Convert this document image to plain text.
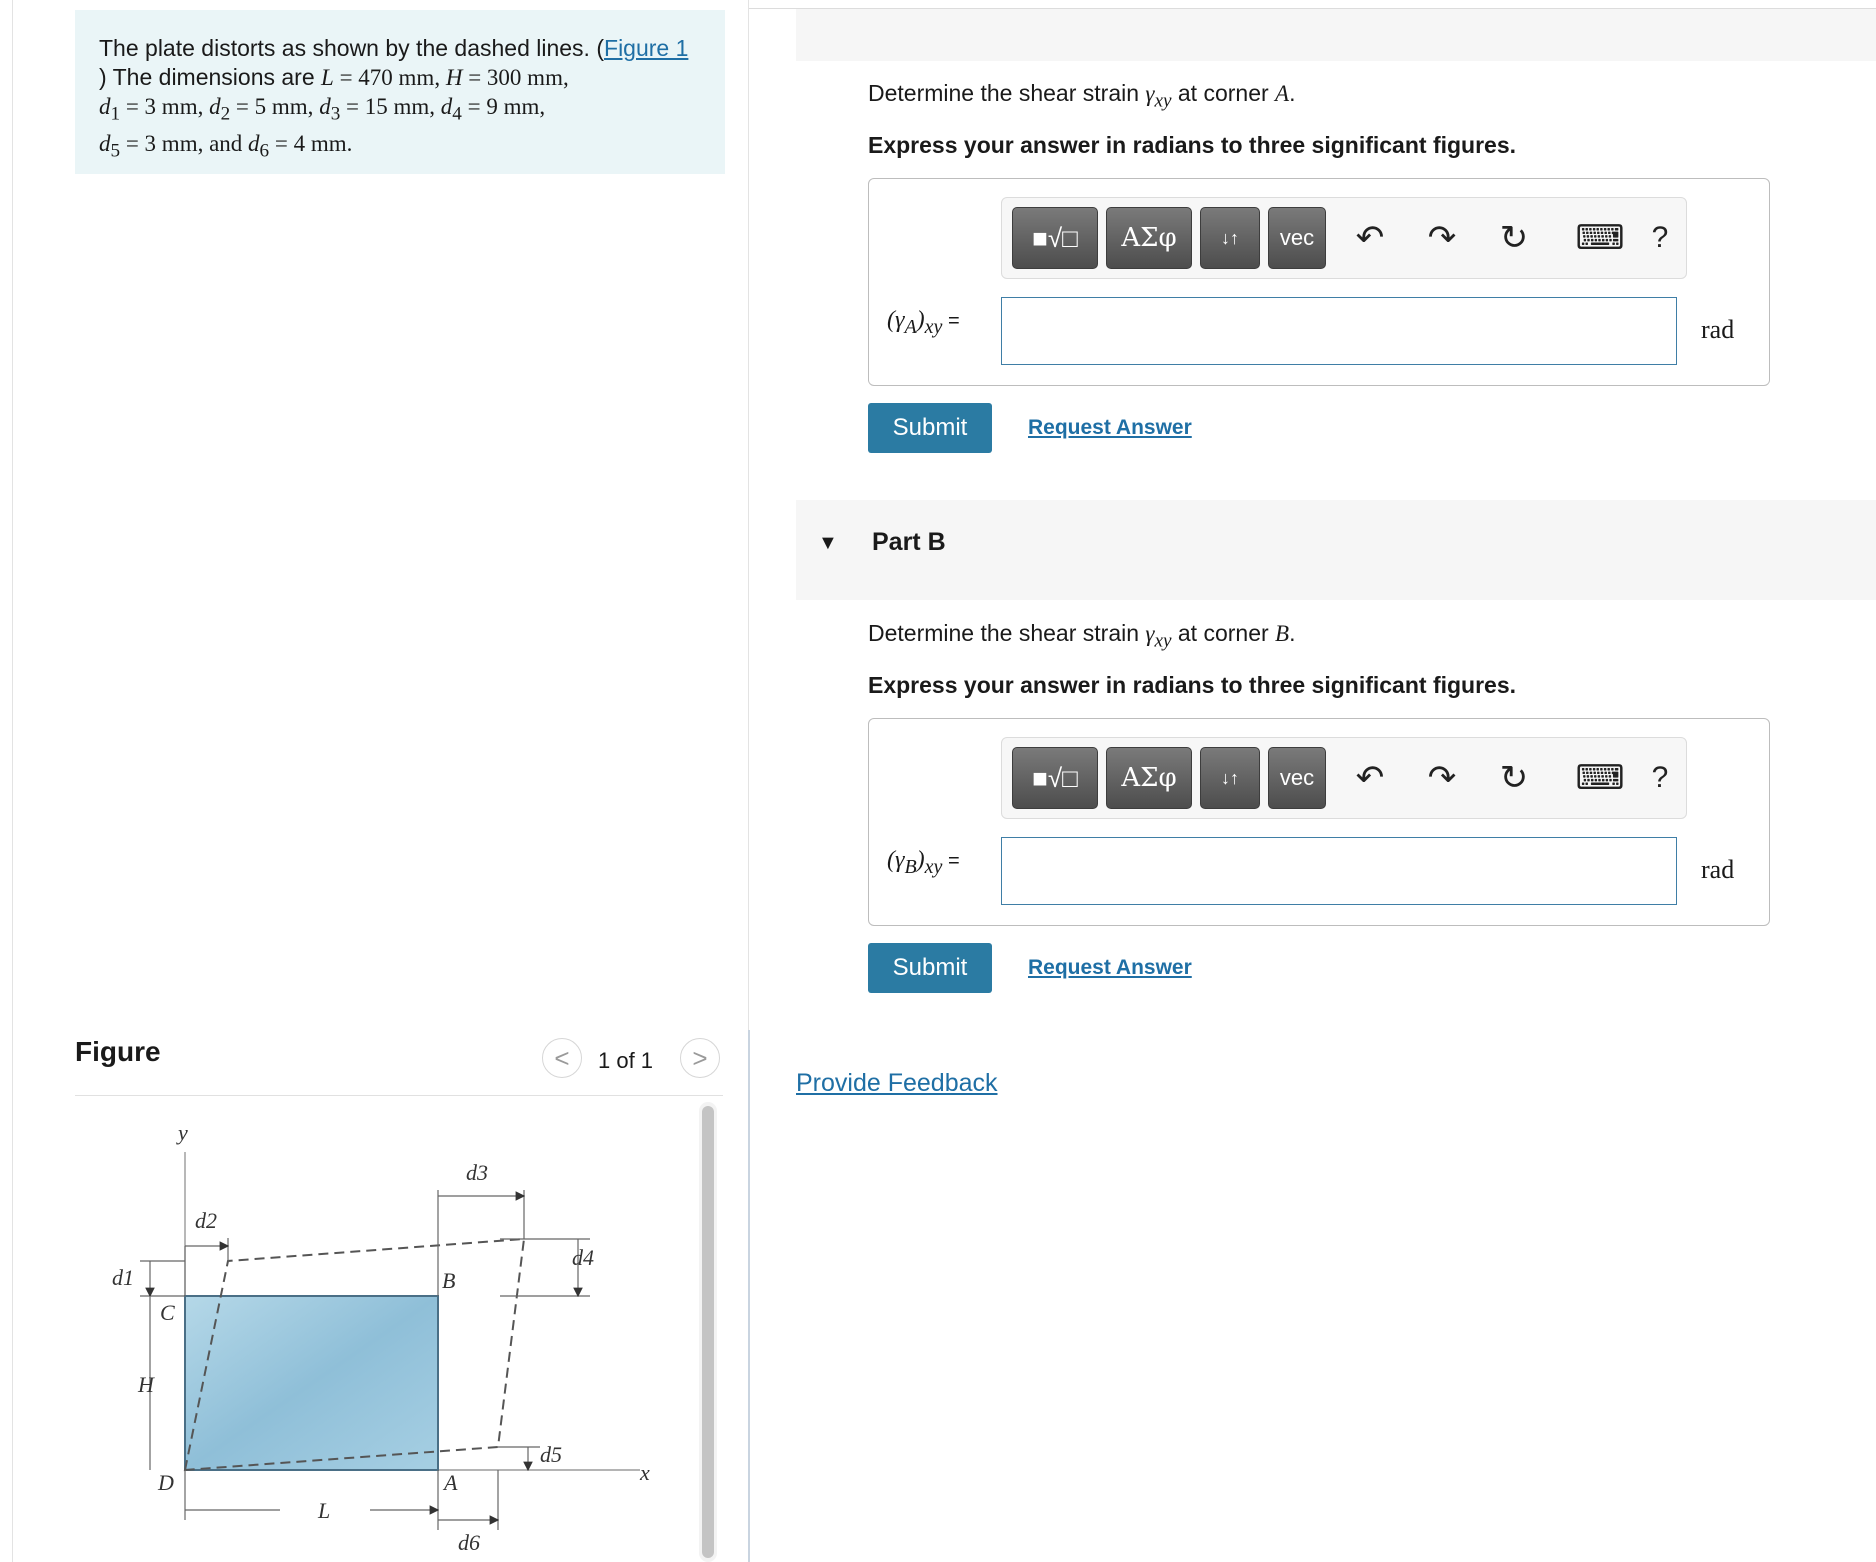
The plate distorts as shown by the dashed lines. (Figure 1
) The dimensions are L = 470 mm, H = 300 mm,
$d_1 = 3$ mm, $d_2 = 5$ mm, $d_3 = 15$ mm, $d_4 = 9$ mm,
$d_5 = 3$ mm, and $d_6 = 4$ mm.
Figure	< 1 of 1 >
y
d2
d3
d4
d1	B
C
H
d5
x
D	A
L
d6
Determine the shear strain $\gamma_{xy}$ at corner A.
Express your answer in radians to three significant figures.
■√□ ΑΣφ ↓↑ vec ↶ ↷ ↻ ⌨ ?
$(\gamma_A)_{xy}$ =	rad
Submit	Request Answer
▼ Part B
Determine the shear strain $\gamma_{xy}$ at corner B.
Express your answer in radians to three significant figures.
■√□ ΑΣφ ↓↑ vec ↶ ↷ ↻ ⌨ ?
$(\gamma_B)_{xy}$ =	rad
Submit	Request Answer
Provide Feedback
